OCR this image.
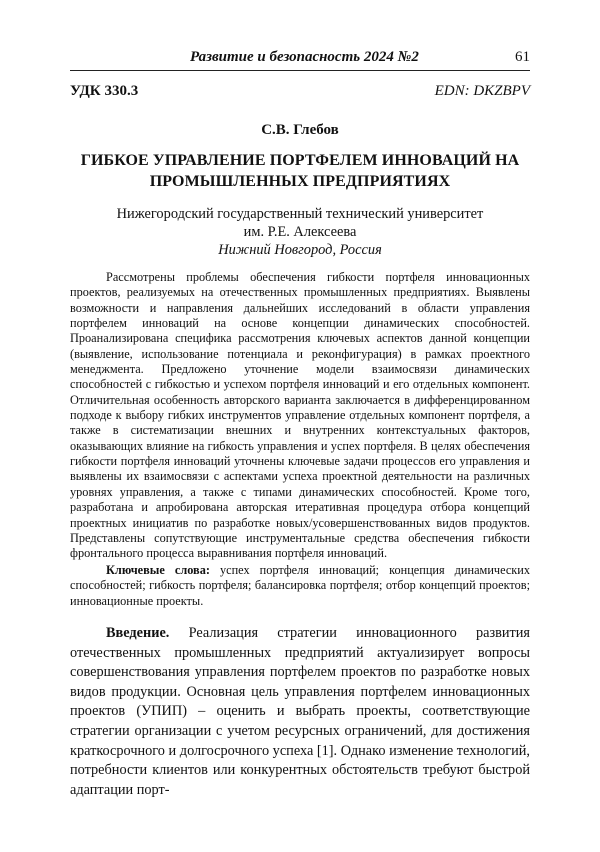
Развитие и безопасность 2024 №2	61
УДК 330.3	EDN: DKZBPV
С.В. Глебов
ГИБКОЕ УПРАВЛЕНИЕ ПОРТФЕЛЕМ ИННОВАЦИЙ НА ПРОМЫШЛЕННЫХ ПРЕДПРИЯТИЯХ
Нижегородский государственный технический университет
им. Р.Е. Алексеева
Нижний Новгород, Россия

Рассмотрены проблемы обеспечения гибкости портфеля инновационных проектов, реализуемых на отечественных промышленных предприятиях. Выявлены возможности и направления дальнейших исследований в области управления портфелем инноваций на основе концепции динамических способностей. Проанализирована специфика рассмотрения ключевых аспектов данной концепции (выявление, использование потенциала и реконфигурация) в рамках проектного менеджмента. Предложено уточнение модели взаимосвязи динамических способностей с гибкостью и успехом портфеля инноваций и его отдельных компонент. Отличительная особенность авторского варианта заключается в дифференцированном подходе к выбору гибких инструментов управление отдельных компонент портфеля, а также в систематизации внешних и внутренних контекстуальных факторов, оказывающих влияние на гибкость управления и успех портфеля. В целях обеспечения гибкости портфеля инноваций уточнены ключевые задачи процессов его управления и выявлены их взаимосвязи с аспектами успеха проектной деятельности на различных уровнях управления, а также с типами динамических способностей. Кроме того, разработана и апробирована авторская итеративная процедура отбора концепций проектных инициатив по разработке новых/усовершенствованных видов продуктов. Представлены сопутствующие инструментальные средства обеспечения гибкости фронтального процесса выравнивания портфеля инноваций.

Ключевые слова: успех портфеля инноваций; концепция динамических способностей; гибкость портфеля; балансировка портфеля; отбор концепций проектов; инновационные проекты.

Введение. Реализация стратегии инновационного развития отечественных промышленных предприятий актуализирует вопросы совершенствования управления портфелем проектов по разработке новых видов продукции. Основная цель управления портфелем инновационных проектов (УПИП) – оценить и выбрать проекты, соответствующие стратегии организации с учетом ресурсных ограничений, для достижения краткосрочного и долгосрочного успеха [1]. Однако изменение технологий, потребности клиентов или конкурентных обстоятельств требуют быстрой адаптации порт-
